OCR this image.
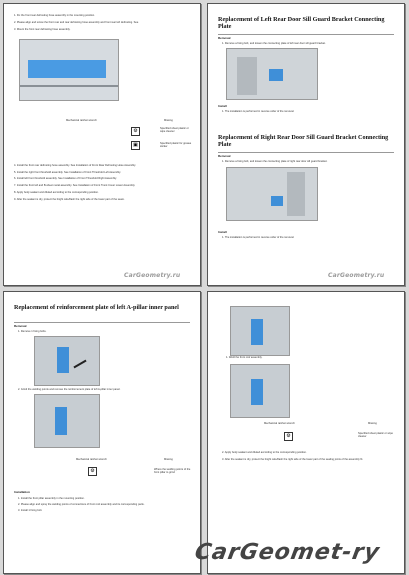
1. Fix the front rear defrosting hose assembly in the mounting position.
2. Please align and screw the front rear and rear defrosting hose assembly and front rear left defrosting. See
3. Mount the front rear defrosting hose assembly.
Mechanical ratchet wrench	Missing
⚙	Specified sheet plastic or wipe cleaner
▣	Specified plastic for grease sticker
4. Install the front rear defrosting hose assembly. See Installation of Front Rear Defrosting Hose Assembly.
5. Install the right front threshold assembly. See Installation of Front Threshold Left Assembly.
6. Install left front threshold assembly. See Installation of Front Threshold Right Assembly.
7. Install the front left and B-sheet metal assembly. See Installation of Front Trunk Cover Lower Assembly.
8. Apply body sealant and diluted according to the corresponding position.
9. After the sealant is dry, protect the bright wire/flash the right side of the lower part of the seam.
CarGeometry.ru
Replacement of Left Rear Door Sill Guard Bracket Connecting Plate
Removal
1. Remove a fixing bolt, and loosen the connecting plate of left rear door sill guard bracket.
Install
1. The installation is performed in reverse order of the removal.
Replacement of Right Rear Door Sill Guard Bracket Connecting Plate
Removal
1. Remove a fixing bolt, and loosen the connecting plate of right rear door sill guard bracket.
Install
1. The installation is performed in reverse order of the removal.
CarGeometry.ru
Replacement of reinforcement plate of left A-pillar inner panel
Removal
1. Remove 1 fixing bolts.
2. Grind the welding points and remove the reinforcement plate of left A-pillar inner panel.
Mechanical ratchet wrench	Missing
⚙	Where the welding points of the front pillar to grind
Installation
1. Install the front pillar assembly in the mounting position.
2. Please align and spray the welding points of connections of front roof assembly and its corresponding parts.
3. Install 1 fixing bolt.
1. Weld the front roof assembly.
Mechanical ratchet wrench	Missing
⚙	Specified sheet plastic or wipe cleaner
2. Apply body sealant and diluted according to the corresponding position.
3. After the sealant is dry, protect the bright wire/flash the right side of the lower part of the sealing joints of the assembly fit.
CarGeomet-ry
